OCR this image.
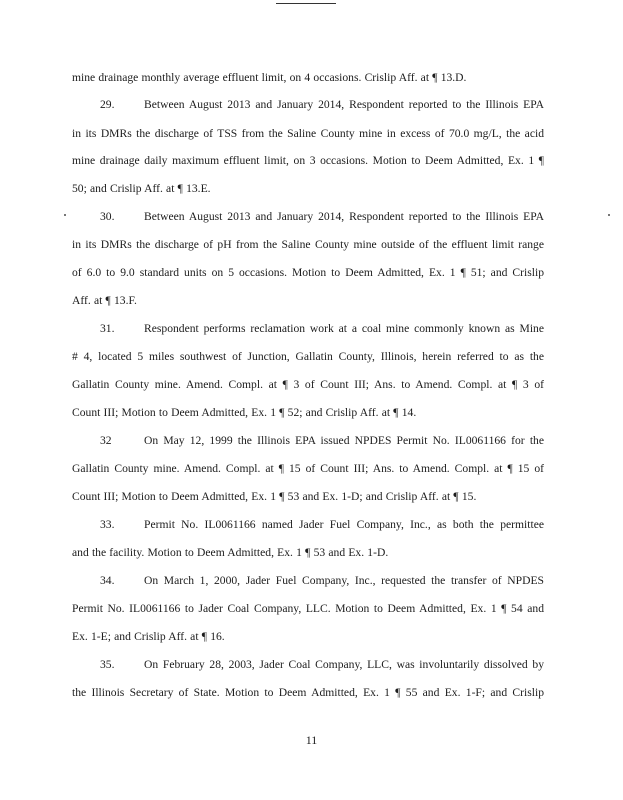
mine drainage monthly average effluent limit, on 4 occasions. Crislip Aff. at ¶ 13.D.
29.	Between August 2013 and January 2014, Respondent reported to the Illinois EPA
in its DMRs the discharge of TSS from the Saline County mine in excess of 70.0 mg/L, the acid
mine drainage daily maximum effluent limit, on 3 occasions. Motion to Deem Admitted, Ex. 1 ¶
50; and Crislip Aff. at ¶ 13.E.
30.	Between August 2013 and January 2014, Respondent reported to the Illinois EPA
in its DMRs the discharge of pH from the Saline County mine outside of the effluent limit range
of 6.0 to 9.0 standard units on 5 occasions. Motion to Deem Admitted, Ex. 1 ¶ 51; and Crislip
Aff. at ¶ 13.F.
31.	Respondent performs reclamation work at a coal mine commonly known as Mine
# 4, located 5 miles southwest of Junction, Gallatin County, Illinois, herein referred to as the
Gallatin County mine. Amend. Compl. at ¶ 3 of Count III; Ans. to Amend. Compl. at ¶ 3 of
Count III; Motion to Deem Admitted, Ex. 1 ¶ 52; and Crislip Aff. at ¶ 14.
32	On May 12, 1999 the Illinois EPA issued NPDES Permit No. IL0061166 for the
Gallatin County mine. Amend. Compl. at ¶ 15 of Count III; Ans. to Amend. Compl. at ¶ 15 of
Count III; Motion to Deem Admitted, Ex. 1 ¶ 53 and Ex. 1-D; and Crislip Aff. at ¶ 15.
33.	Permit No. IL0061166 named Jader Fuel Company, Inc., as both the permittee
and the facility. Motion to Deem Admitted, Ex. 1 ¶ 53 and Ex. 1-D.
34.	On March 1, 2000, Jader Fuel Company, Inc., requested the transfer of NPDES
Permit No. IL0061166 to Jader Coal Company, LLC. Motion to Deem Admitted, Ex. 1 ¶ 54 and
Ex. 1-E; and Crislip Aff. at ¶ 16.
35.	On February 28, 2003, Jader Coal Company, LLC, was involuntarily dissolved by
the Illinois Secretary of State. Motion to Deem Admitted, Ex. 1 ¶ 55 and Ex. 1-F; and Crislip
11
